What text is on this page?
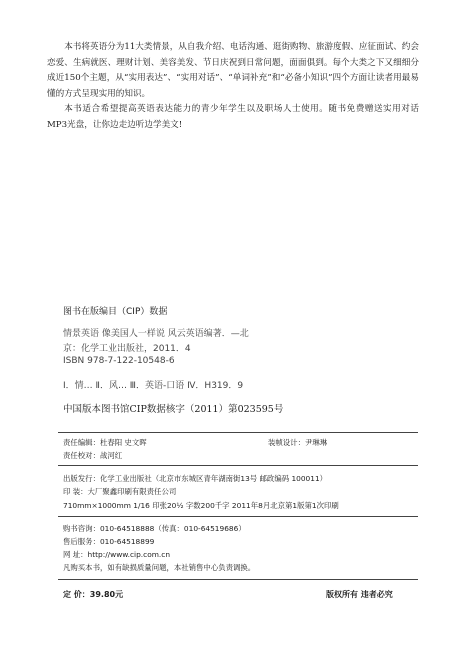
本书将英语分为11大类情景，从自我介绍、电话沟通、逛街购物、旅游度假、应征面试、约会恋爱、生病就医、理财计划、美容美发、节日庆祝到日常问题，面面俱到。每个大类之下又细细分成近150个主题，从“实用表达”、“实用对话”、“单词补充”和“必备小知识”四个方面让读者用最易懂的方式呈现实用的知识。

本书适合希望提高英语表达能力的青少年学生以及职场人士使用。随书免费赠送实用对话MP3光盘，让你边走边听边学美文!

图书在版编目（CIP）数据
情景英语 像美国人一样说 风云英语编著．—北
京：化学工业出版社，2011．4
ISBN 978-7-122-10548-6
Ⅰ．情… Ⅱ．风… Ⅲ．英语-口语 Ⅳ．H319．9
中国版本图书馆CIP数据核字（2011）第023595号
责任编辑：杜春阳 史文晖	装帧设计：尹琳琳
责任校对：战河红
出版发行：化学工业出版社（北京市东城区青年湖南街13号 邮政编码 100011）
印 装：大厂聚鑫印刷有限责任公司
710mm×1000mm 1/16 印张20½ 字数200千字 2011年8月北京第1版第1次印刷
购书咨询：010-64518888（传真：010-64519686）
售后服务：010-64518899
网 址：http://www.cip.com.cn
凡购买本书，如有缺损质量问题，本社销售中心负责调换。
定 价：39.80元	版权所有 违者必究
